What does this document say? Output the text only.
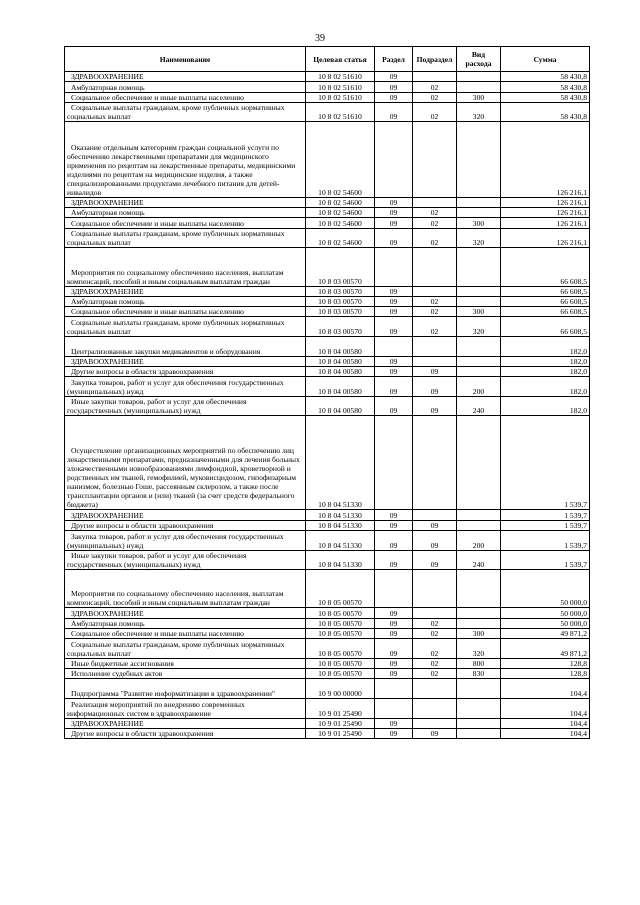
39
Наименование	Целевая статья	Раздел	Подраздел	Вид расхода	Сумма
ЗДРАВООХРАНЕНИЕ	10 8 02 51610	09			58 430,8
Амбулаторная помощь	10 8 02 51610	09	02		58 430,8
Социальное обеспечение и иные выплаты населению	10 8 02 51610	09	02	300	58 430,8
Социальные выплаты гражданам, кроме публичных нормативных социальных выплат	10 8 02 51610	09	02	320	58 430,8
Оказание отдельным категориям граждан социальной услуги по обеспечению лекарственными препаратами для медицинского применения по рецептам на лекарственные препараты, медицинскими изделиями по рецептам на медицинские изделия, а также специализированными продуктами лечебного питания для детей-инвалидов	10 8 02 54600				126 216,1
ЗДРАВООХРАНЕНИЕ	10 8 02 54600	09			126 216,1
Амбулаторная помощь	10 8 02 54600	09	02		126 216,1
Социальное обеспечение и иные выплаты населению	10 8 02 54600	09	02	300	126 216,1
Социальные выплаты гражданам, кроме публичных нормативных социальных выплат	10 8 02 54600	09	02	320	126 216,1
Мероприятия по социальному обеспечению населения, выплатам компенсаций, пособий и иным социальным выплатам граждан	10 8 03 00570				66 608,5
ЗДРАВООХРАНЕНИЕ	10 8 03 00570	09			66 608,5
Амбулаторная помощь	10 8 03 00570	09	02		66 608,5
Социальное обеспечение и иные выплаты населению	10 8 03 00570	09	02	300	66 608,5
Социальные выплаты гражданам, кроме публичных нормативных социальных выплат	10 8 03 00570	09	02	320	66 608,5
Централизованные закупки медикаментов и оборудования	10 8 04 00580				182,0
ЗДРАВООХРАНЕНИЕ	10 8 04 00580	09			182,0
Другие вопросы в области здравоохранения	10 8 04 00580	09	09		182,0
Закупка товаров, работ и услуг для обеспечения государственных (муниципальных) нужд	10 8 04 00580	09	09	200	182,0
Иные закупки товаров, работ и услуг для обеспечения государственных (муниципальных) нужд	10 8 04 00580	09	09	240	182,0
Осуществление организационных мероприятий по обеспечению лиц лекарственными препаратами, предназначенными для лечения больных злокачественными новообразованиями лимфоидной, кроветворной и родственных им тканей, гемофилией, муковисцидозом, гипофизарным нанизмом, болезнью Гоше, рассеянным склерозом, а также после трансплантации органов и (или) тканей (за счет средств федерального бюджета)	10 8 04 51330				1 539,7
ЗДРАВООХРАНЕНИЕ	10 8 04 51330	09			1 539,7
Другие вопросы в области здравоохранения	10 8 04 51330	09	09		1 539,7
Закупка товаров, работ и услуг для обеспечения государственных (муниципальных) нужд	10 8 04 51330	09	09	200	1 539,7
Иные закупки товаров, работ и услуг для обеспечения государственных (муниципальных) нужд	10 8 04 51330	09	09	240	1 539,7
Мероприятия по социальному обеспечению населения, выплатам компенсаций, пособий и иным социальным выплатам граждан	10 8 05 00570				50 000,0
ЗДРАВООХРАНЕНИЕ	10 8 05 00570	09			50 000,0
Амбулаторная помощь	10 8 05 00570	09	02		50 000,0
Социальное обеспечение и иные выплаты населению	10 8 05 00570	09	02	300	49 871,2
Социальные выплаты гражданам, кроме публичных нормативных социальных выплат	10 8 05 00570	09	02	320	49 871,2
Иные бюджетные ассигнования	10 8 05 00570	09	02	800	128,8
Исполнение судебных актов	10 8 05 00570	09	02	830	128,8
Подпрограмма "Развитие информатизации в здравоохранении"	10 9 00 00000				104,4
Реализация мероприятий по внедрению современных информационных систем в здравоохранение	10 9 01 25490				104,4
ЗДРАВООХРАНЕНИЕ	10 9 01 25490	09			104,4
Другие вопросы в области здравоохранения	10 9 01 25490	09	09		104,4
